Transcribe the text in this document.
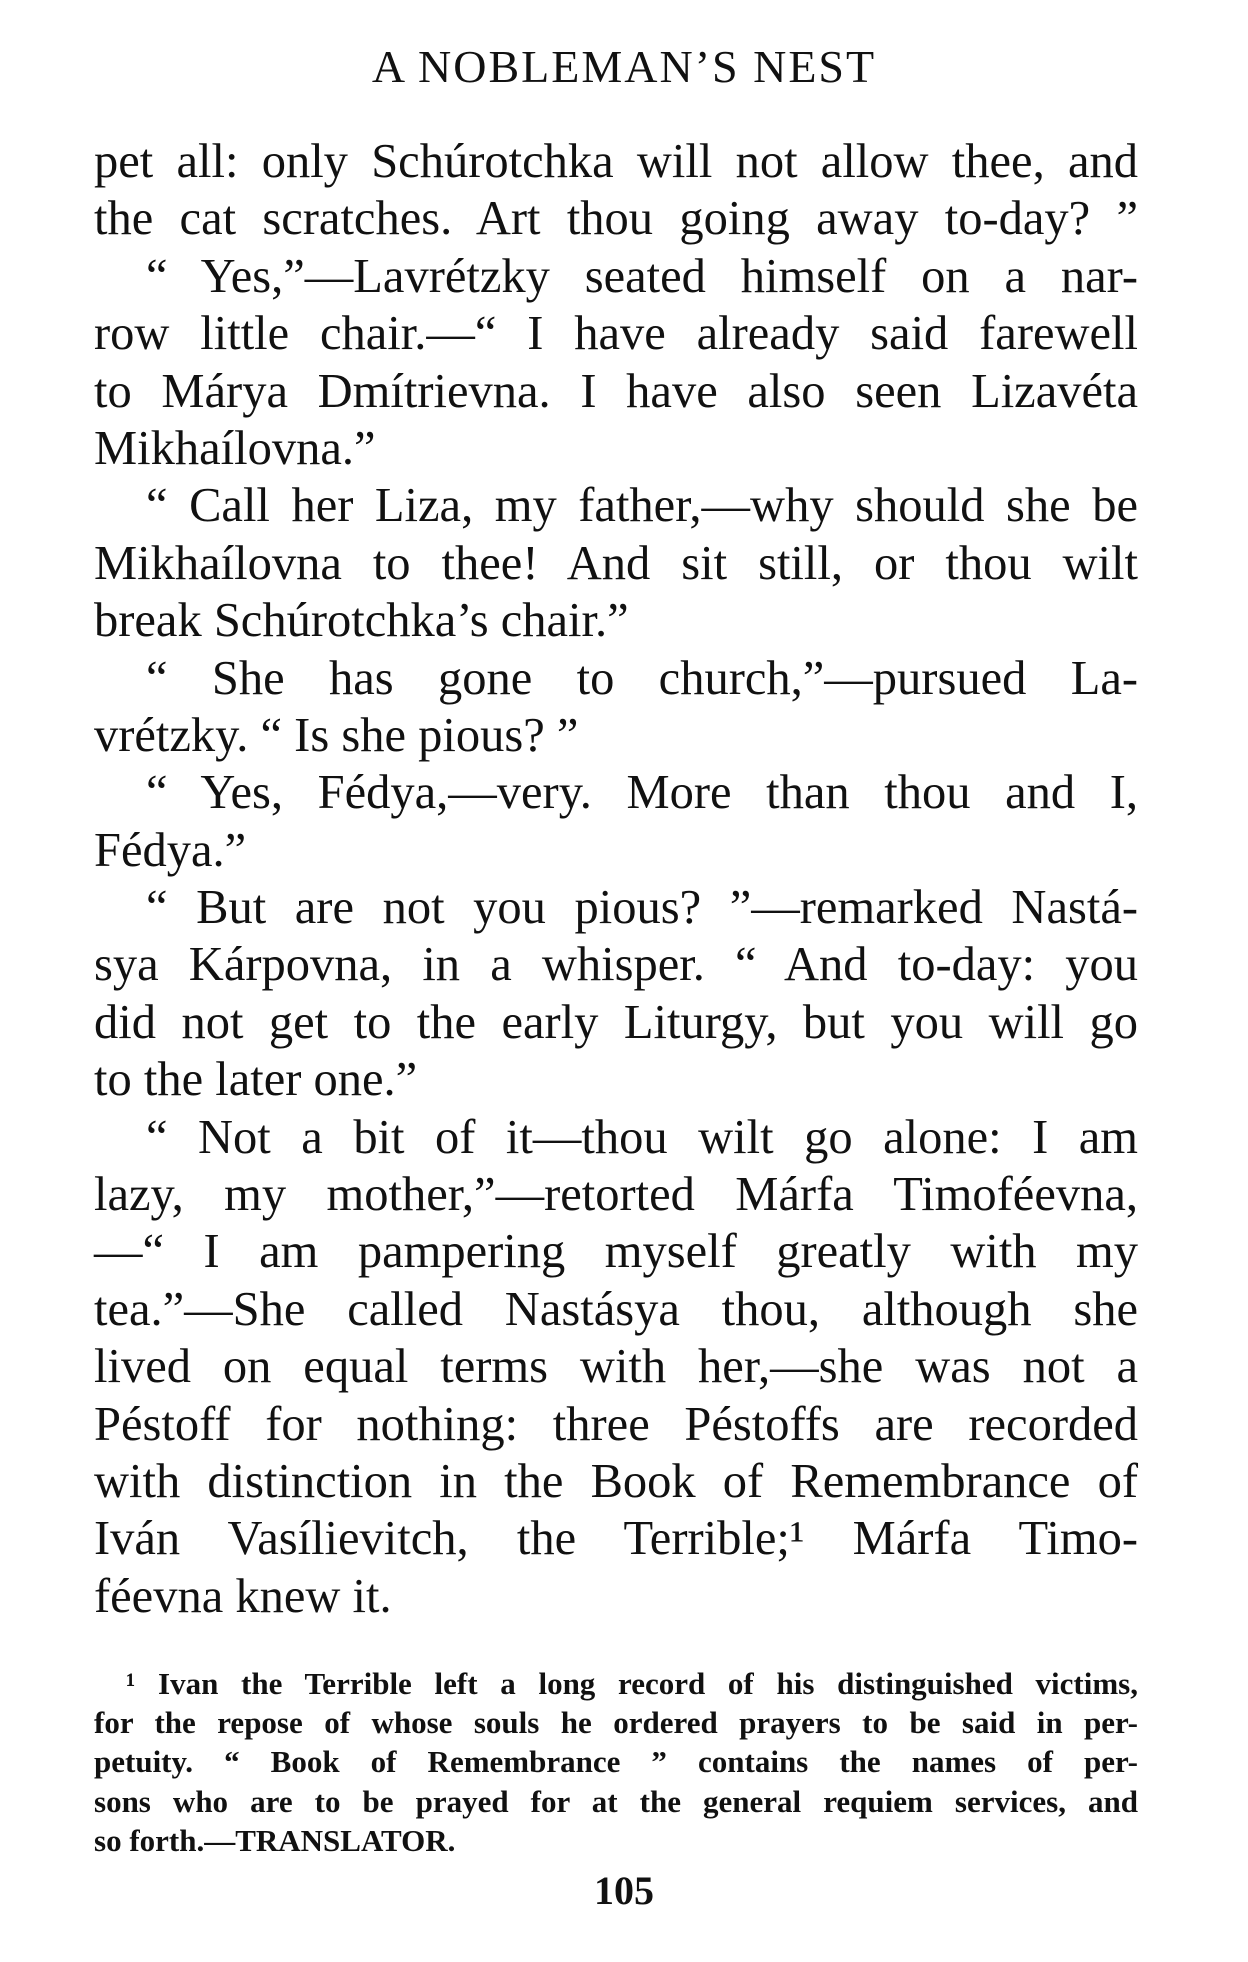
A NOBLEMAN’S NEST
pet all: only Schúrotchka will not allow thee, and
the cat scratches. Art thou going away to-day? ”
“ Yes,”—Lavrétzky seated himself on a nar-
row little chair.—“ I have already said farewell
to Márya Dmítrievna. I have also seen Lizavéta
Mikhaílovna.”
“ Call her Liza, my father,—why should she be
Mikhaílovna to thee! And sit still, or thou wilt
break Schúrotchka’s chair.”
“ She has gone to church,”—pursued La-
vrétzky. “ Is she pious? ”
“ Yes, Fédya,—very. More than thou and I,
Fédya.”
“ But are not you pious? ”—remarked Nastá-
sya Kárpovna, in a whisper. “ And to-day: you
did not get to the early Liturgy, but you will go
to the later one.”
“ Not a bit of it—thou wilt go alone: I am
lazy, my mother,”—retorted Márfa Timoféevna,
—“ I am pampering myself greatly with my
tea.”—She called Nastásya thou, although she
lived on equal terms with her,—she was not a
Péstoff for nothing: three Péstoffs are recorded
with distinction in the Book of Remembrance of
Iván Vasílievitch, the Terrible;¹ Márfa Timo-
féevna knew it.
¹ Ivan the Terrible left a long record of his distinguished victims,
for the repose of whose souls he ordered prayers to be said in per-
petuity. “ Book of Remembrance ” contains the names of per-
sons who are to be prayed for at the general requiem services, and
so forth.—TRANSLATOR.
105
